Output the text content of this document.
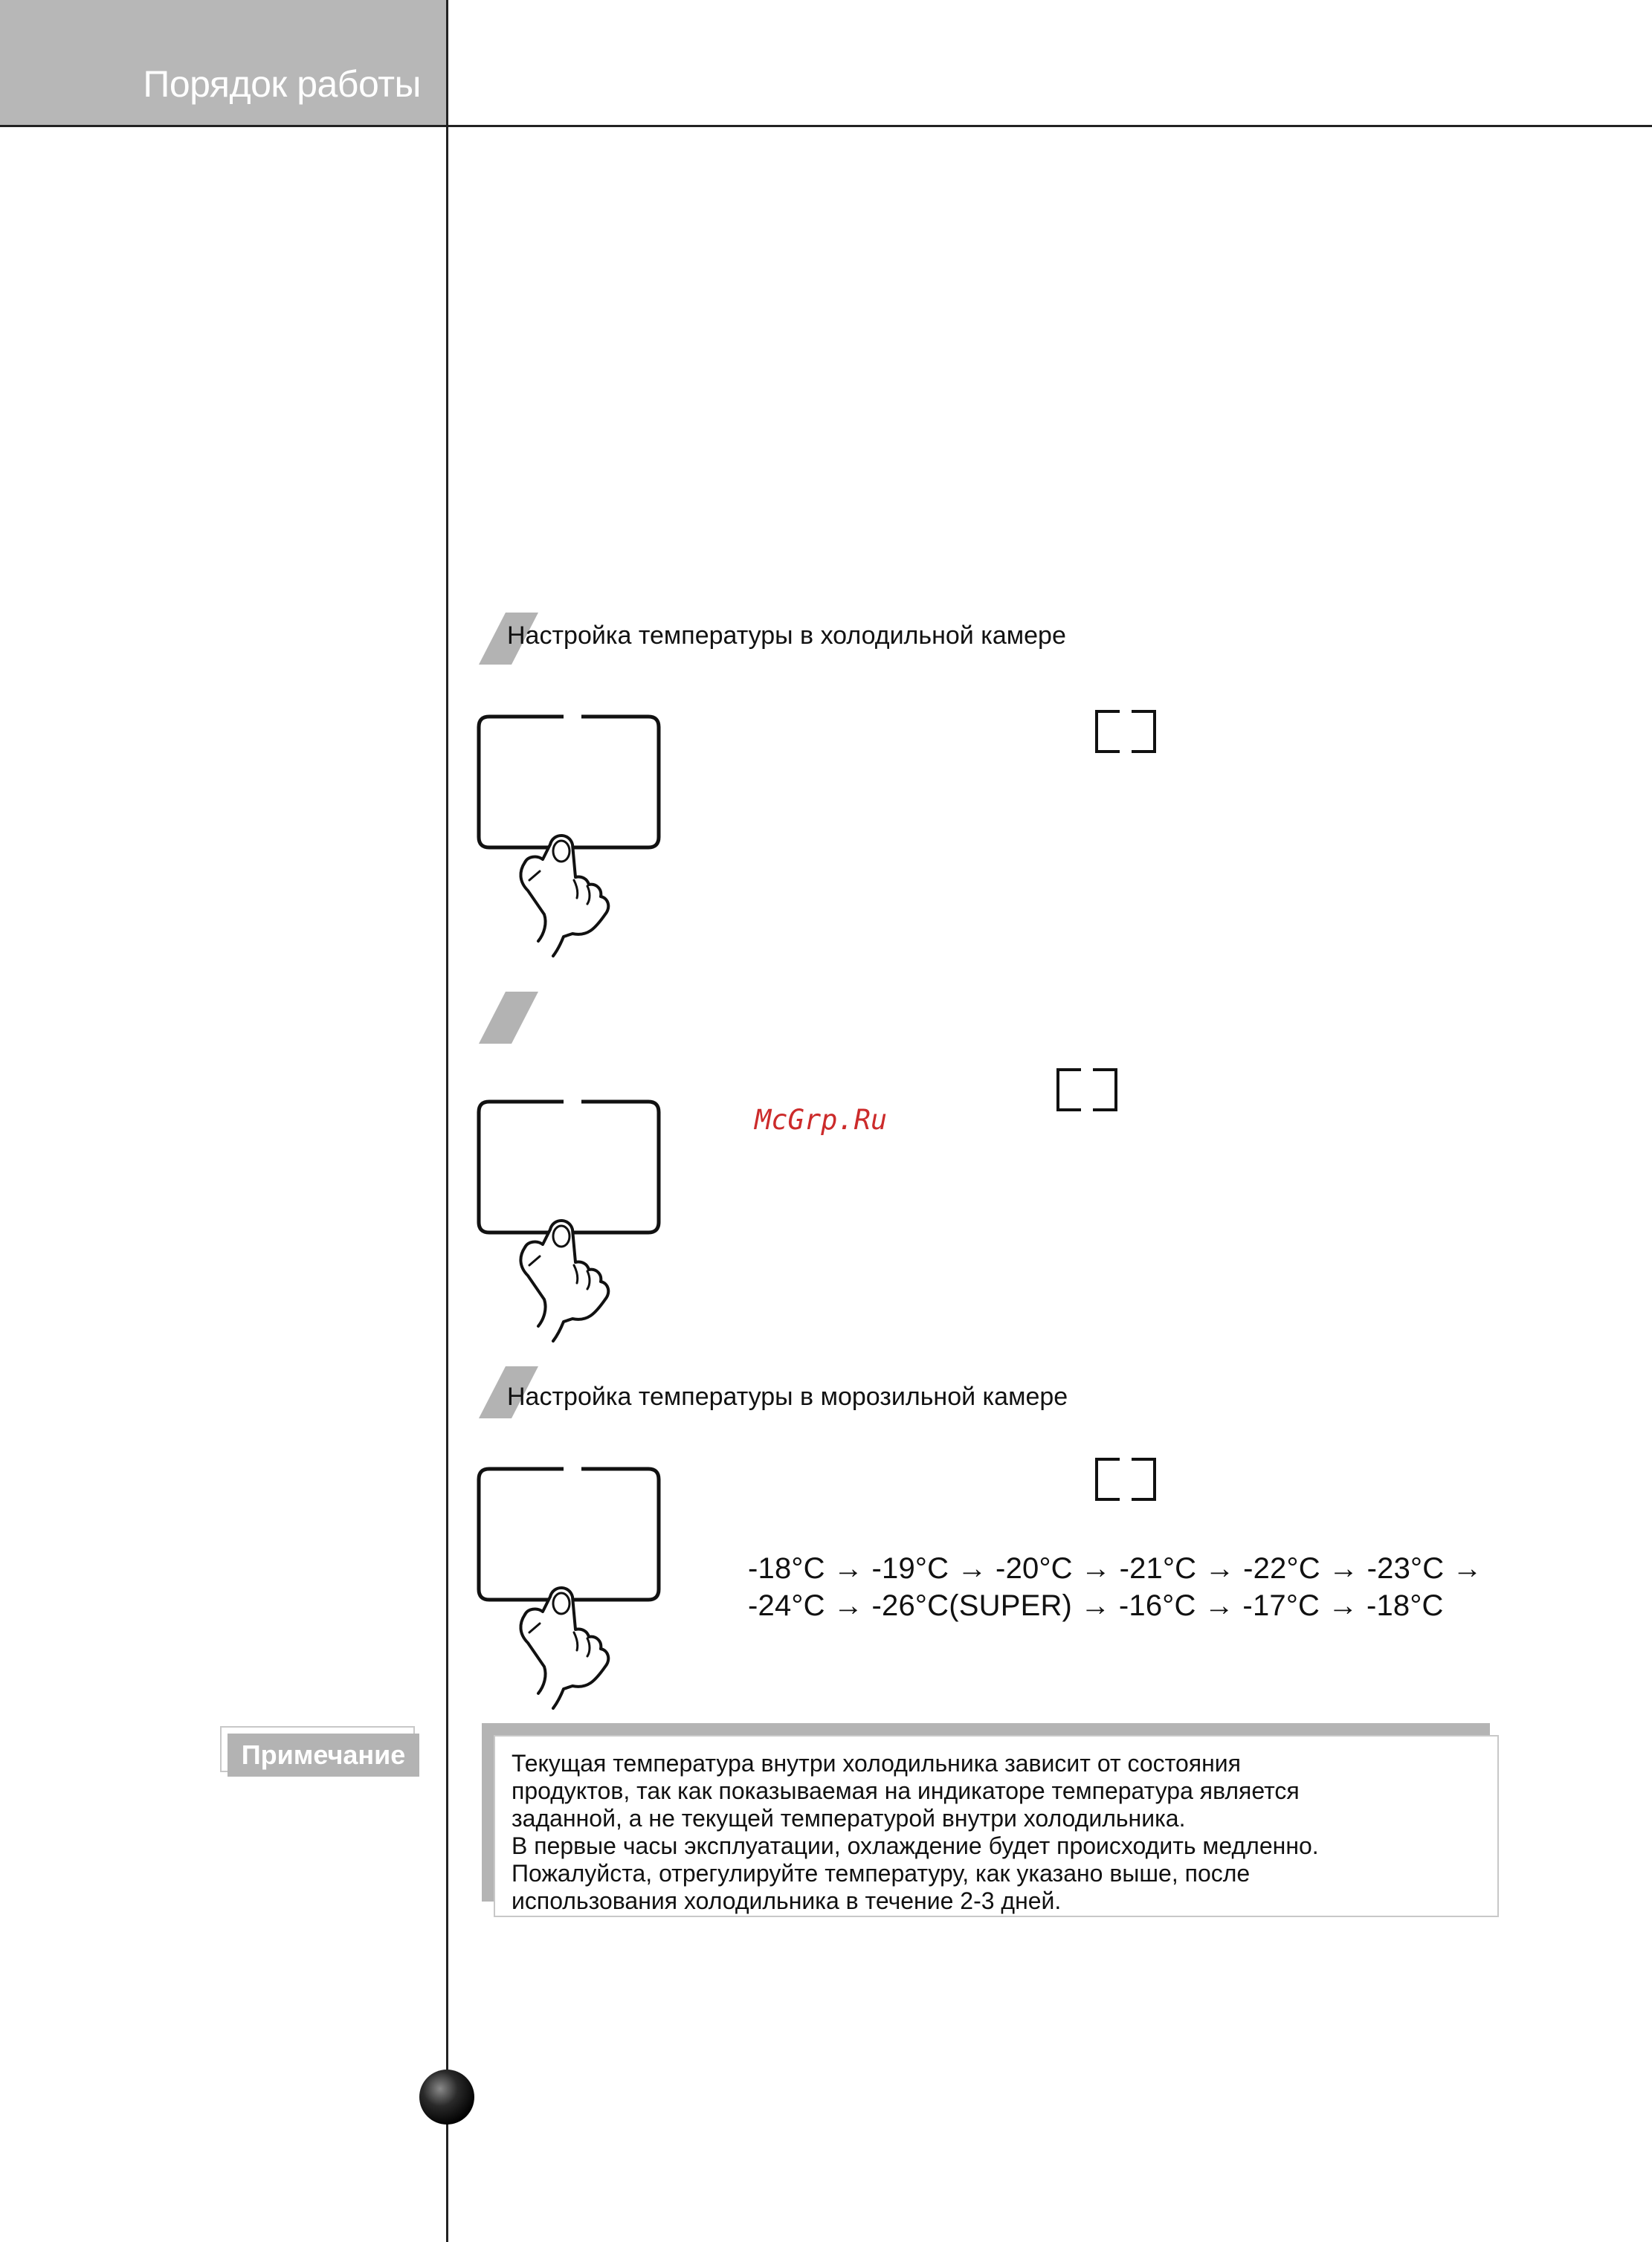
Порядок работы
Настройка температуры в холодильной камере
McGrp.Ru
Настройка температуры в морозильной камере
-18°C → -19°C → -20°C → -21°C → -22°C → -23°C →
-24°C → -26°C(SUPER) → -16°C → -17°C → -18°C
Примечание	Текущая температура внутри холодильника зависит от состояния
продуктов, так как показываемая на индикаторе температура является
заданной, а не текущей температурой внутри холодильника.
В первые часы эксплуатации, охлаждение будет происходить медленно.
Пожалуйста, отрегулируйте температуру, как указано выше, после
использования холодильника в течение 2-3 дней.
